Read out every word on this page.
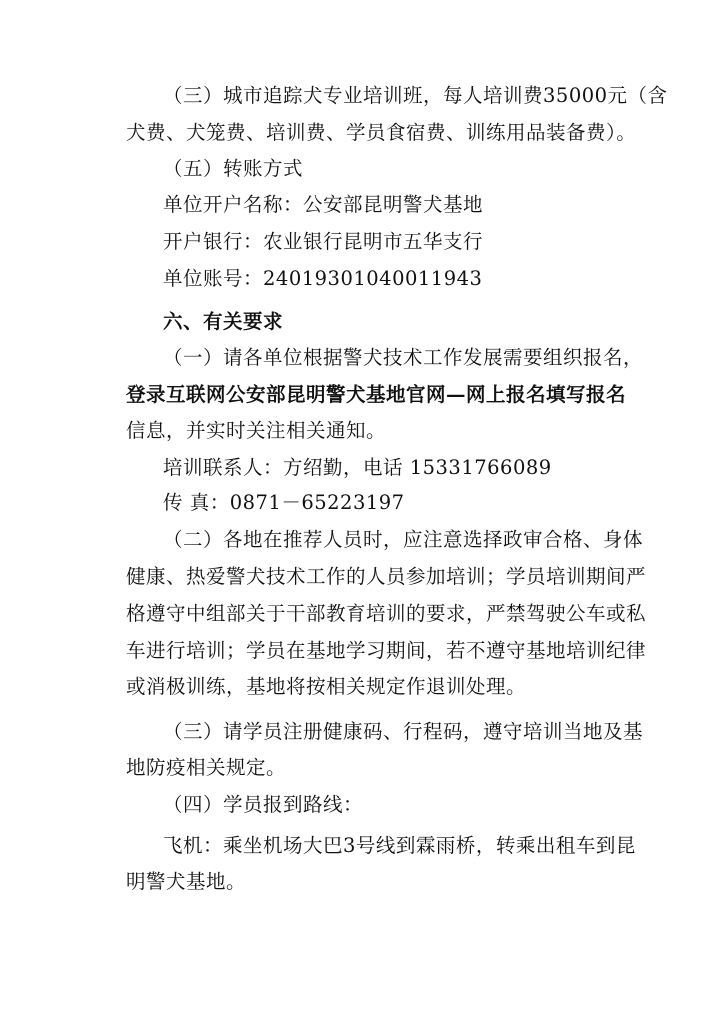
（三）城市追踪犬专业培训班，每人培训费35000元（含
犬费、犬笼费、培训费、学员食宿费、训练用品装备费）。
（五）转账方式
单位开户名称：公安部昆明警犬基地
开户银行：农业银行昆明市五华支行
单位账号：24019301040011943
六、有关要求
（一）请各单位根据警犬技术工作发展需要组织报名，
登录互联网公安部昆明警犬基地官网—网上报名填写报名
信息，并实时关注相关通知。
培训联系人：方绍勤，电话 15331766089
传 真：0871－65223197
（二）各地在推荐人员时，应注意选择政审合格、身体
健康、热爱警犬技术工作的人员参加培训；学员培训期间严
格遵守中组部关于干部教育培训的要求，严禁驾驶公车或私
车进行培训；学员在基地学习期间，若不遵守基地培训纪律
或消极训练，基地将按相关规定作退训处理。
（三）请学员注册健康码、行程码，遵守培训当地及基
地防疫相关规定。
（四）学员报到路线：
飞机：乘坐机场大巴3号线到霖雨桥，转乘出租车到昆
明警犬基地。
